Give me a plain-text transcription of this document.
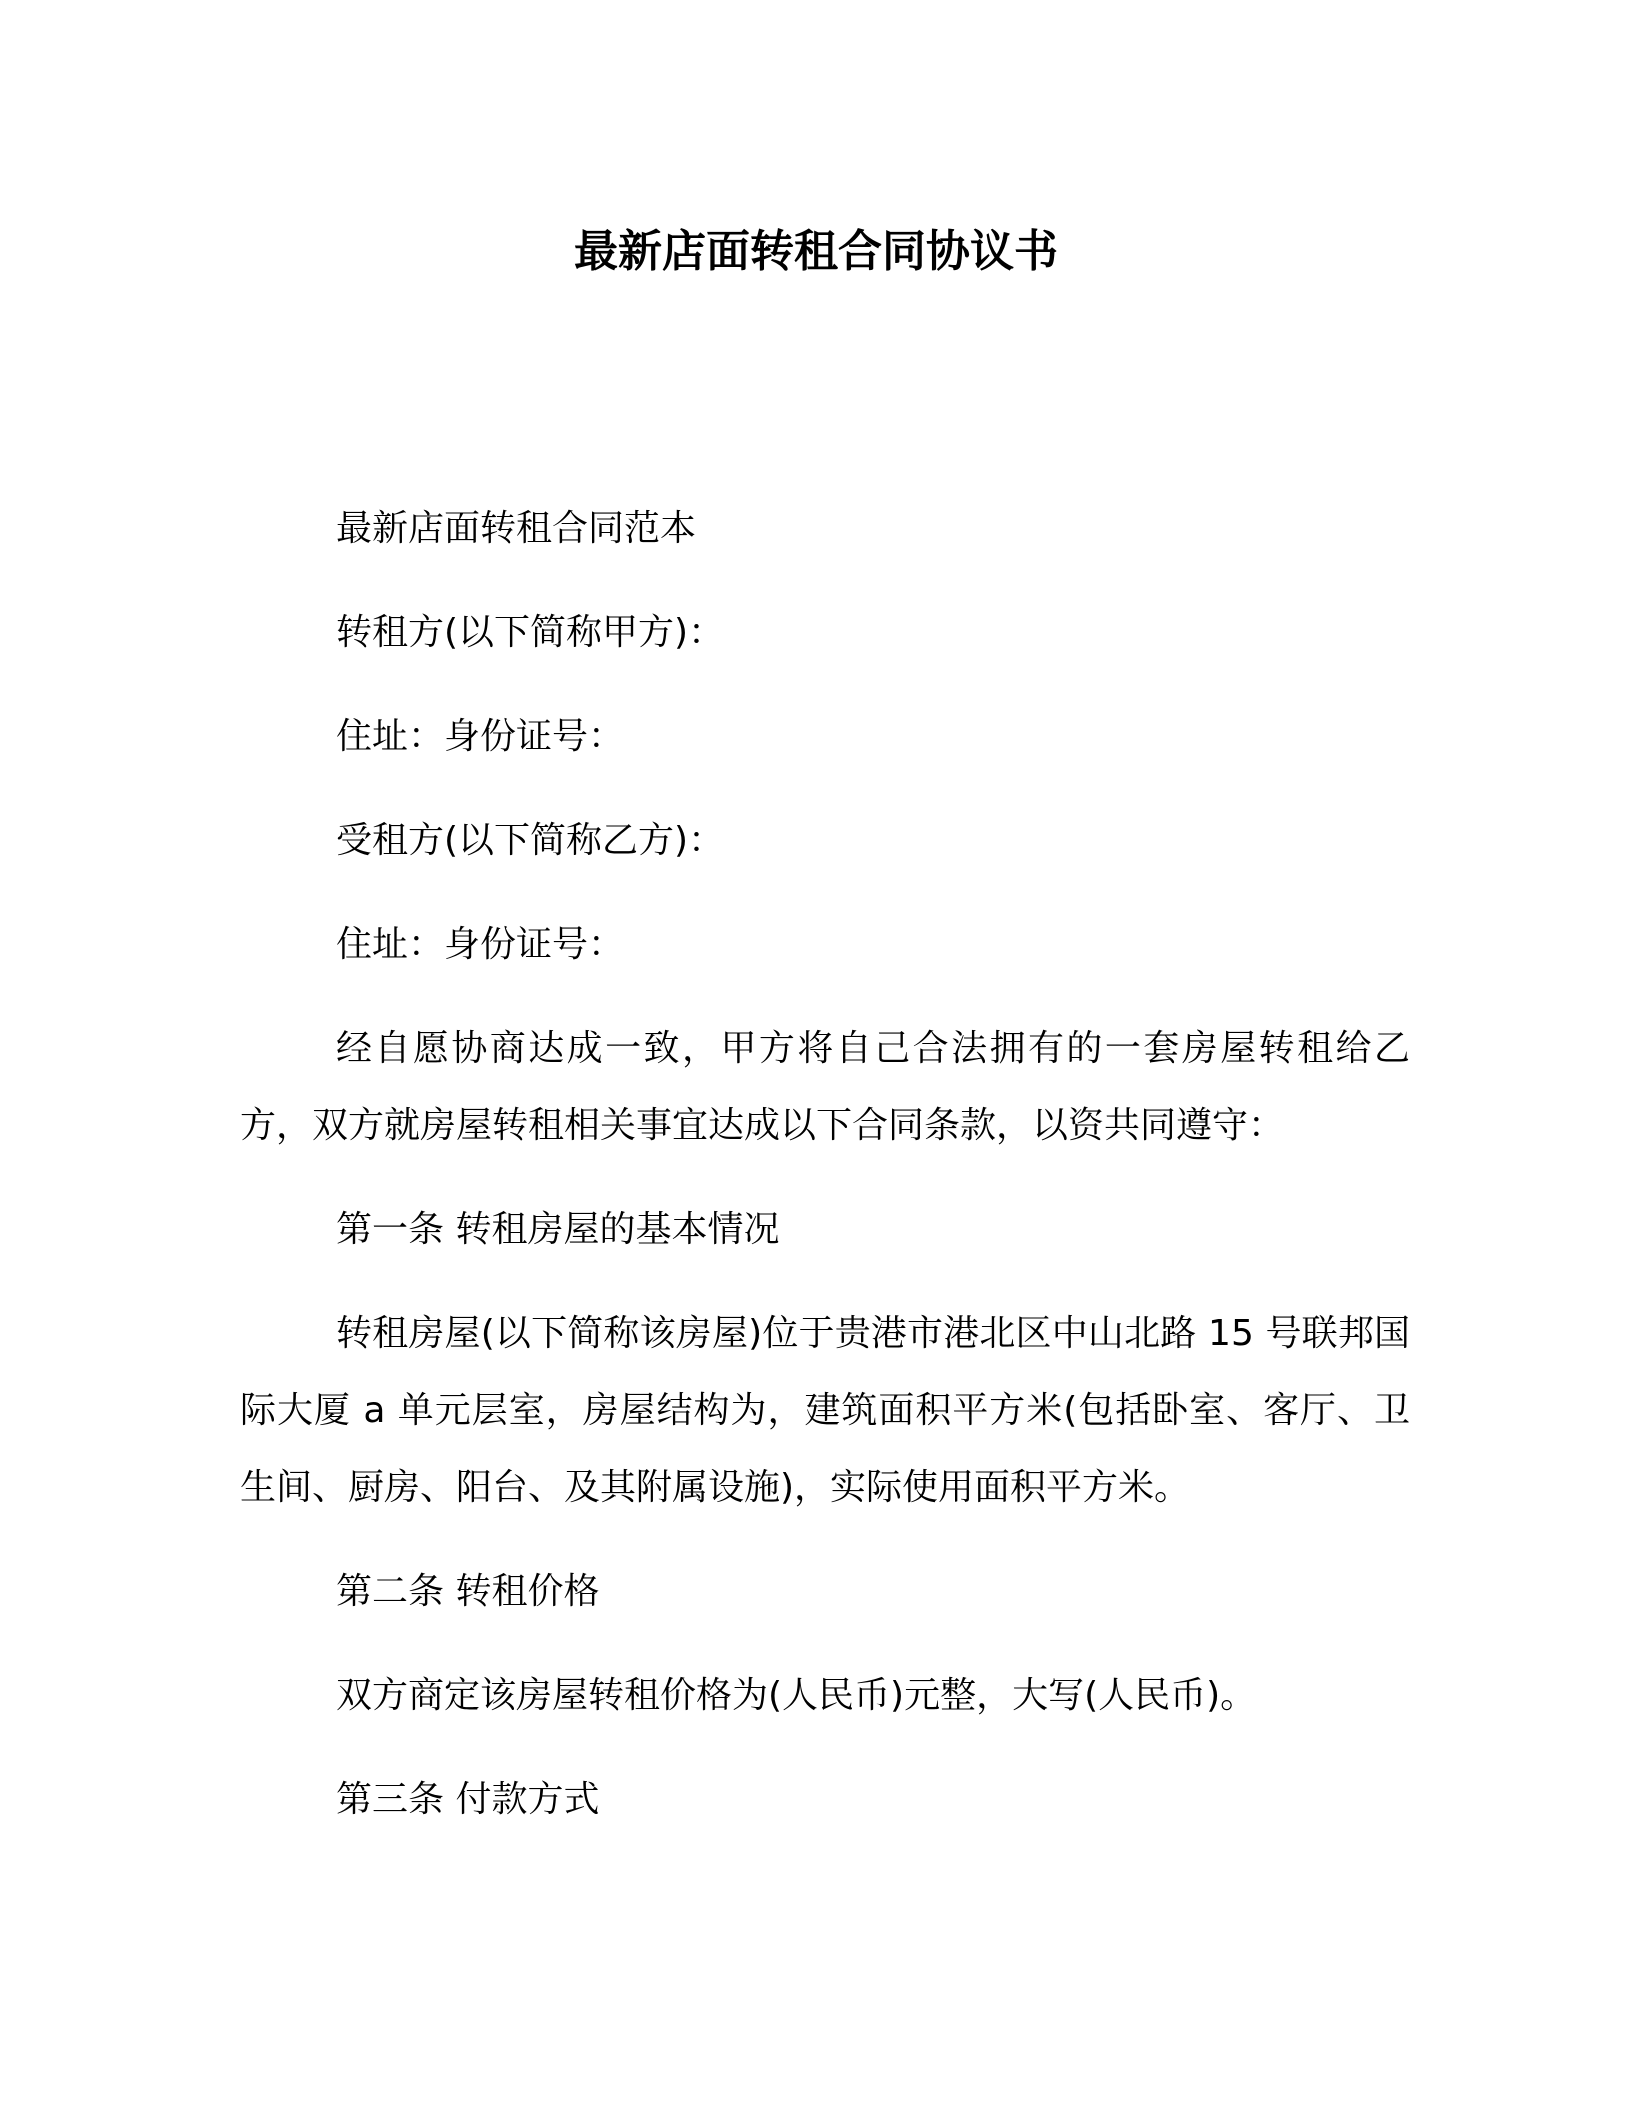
最新店面转租合同协议书

最新店面转租合同范本

转租方(以下简称甲方)：

住址：身份证号：

受租方(以下简称乙方)：

住址：身份证号：

经自愿协商达成一致，甲方将自己合法拥有的一套房屋转租给乙方，双方就房屋转租相关事宜达成以下合同条款，以资共同遵守：

第一条 转租房屋的基本情况

转租房屋(以下简称该房屋)位于贵港市港北区中山北路 15 号联邦国际大厦 a 单元层室，房屋结构为，建筑面积平方米(包括卧室、客厅、卫生间、厨房、阳台、及其附属设施)，实际使用面积平方米。

第二条 转租价格

双方商定该房屋转租价格为(人民币)元整，大写(人民币)。

第三条 付款方式
